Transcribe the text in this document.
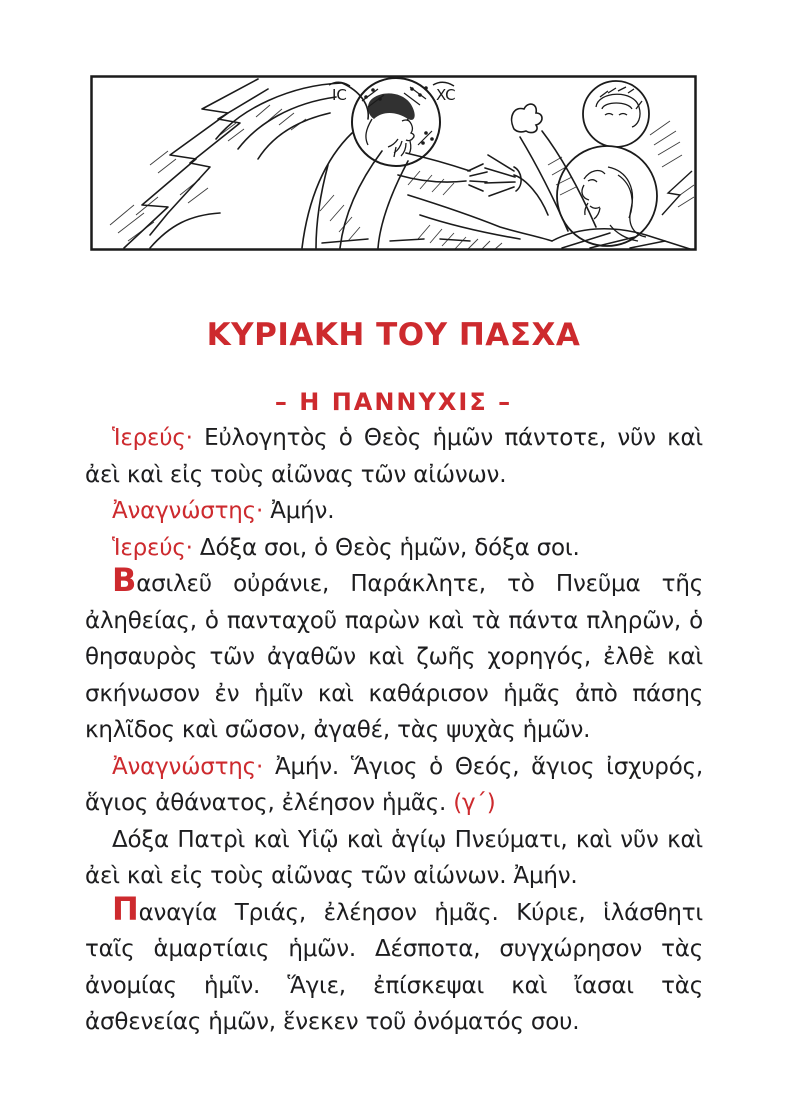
IC	XC
ΚΥΡΙΑΚΗ ΤΟΥ ΠΑΣΧΑ
– Η ΠΑΝΝΥΧΙΣ –

Ἱερεύς· Εὐλογητὸς ὁ Θεὸς ἡμῶν πάντοτε, νῦν καὶ ἀεὶ καὶ εἰς τοὺς αἰῶνας τῶν αἰώνων.

Ἀναγνώστης· Ἀμήν.

Ἱερεύς· Δόξα σοι, ὁ Θεὸς ἡμῶν, δόξα σοι.

Βασιλεῦ οὐράνιε, Παράκλητε, τὸ Πνεῦμα τῆς ἀληθείας, ὁ πανταχοῦ παρὼν καὶ τὰ πάντα πληρῶν, ὁ θησαυρὸς τῶν ἀγαθῶν καὶ ζωῆς χορηγός, ἐλθὲ καὶ σκήνωσον ἐν ἡμῖν καὶ καθάρισον ἡμᾶς ἀπὸ πάσης κηλῖδος καὶ σῶσον, ἀγαθέ, τὰς ψυχὰς ἡμῶν.

Ἀναγνώστης· Ἀμήν. Ἅγιος ὁ Θεός, ἅγιος ἰσχυρός, ἅγιος ἀθάνατος, ἐλέησον ἡμᾶς. (γ΄)

Δόξα Πατρὶ καὶ Υἱῷ καὶ ἁγίῳ Πνεύματι, καὶ νῦν καὶ ἀεὶ καὶ εἰς τοὺς αἰῶνας τῶν αἰώνων. Ἀμήν.

Παναγία Τριάς, ἐλέησον ἡμᾶς. Κύριε, ἱλάσθητι ταῖς ἁμαρτίαις ἡμῶν. Δέσποτα, συγχώρησον τὰς ἀνομίας ἡμῖν. Ἅγιε, ἐπίσκεψαι καὶ ἴασαι τὰς ἀσθενείας ἡμῶν, ἕνεκεν τοῦ ὀνόματός σου.
